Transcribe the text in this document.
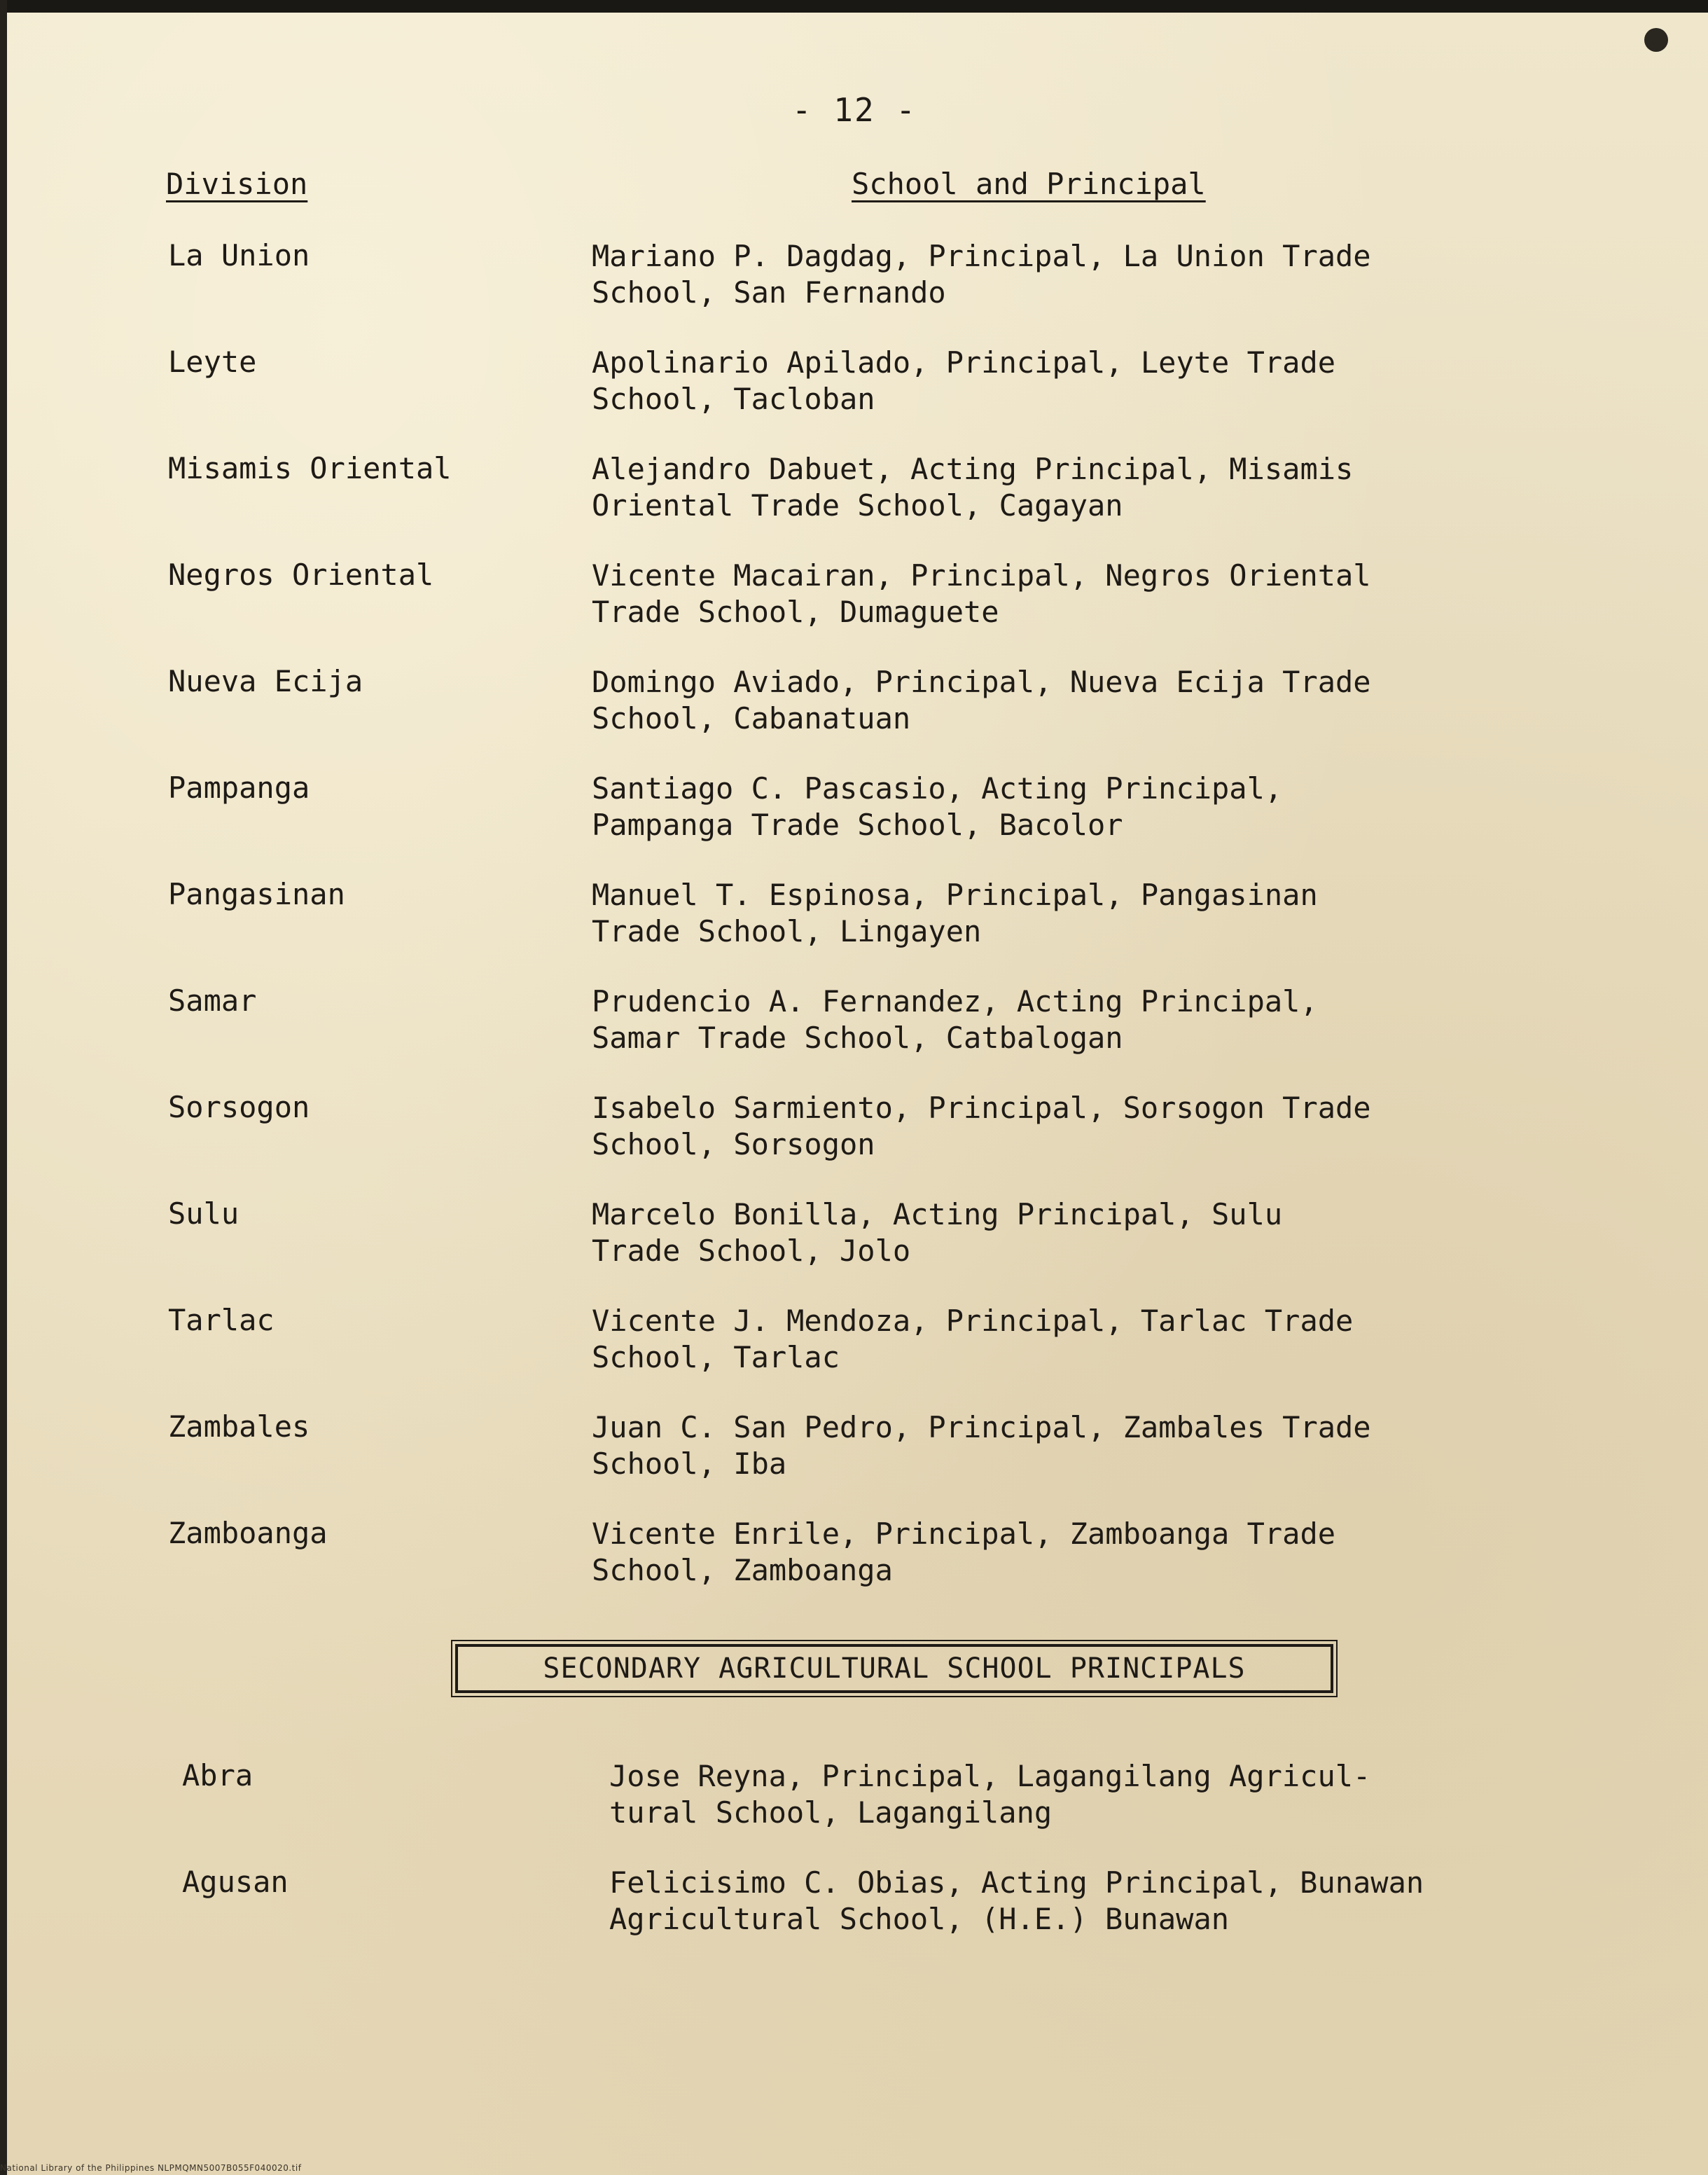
- 12 -
Division	School and Principal
La Union	Mariano P. Dagdag, Principal, La Union Trade
School, San Fernando
Leyte	Apolinario Apilado, Principal, Leyte Trade
School, Tacloban
Misamis Oriental	Alejandro Dabuet, Acting Principal, Misamis
Oriental Trade School, Cagayan
Negros Oriental	Vicente Macairan, Principal, Negros Oriental
Trade School, Dumaguete
Nueva Ecija	Domingo Aviado, Principal, Nueva Ecija Trade
School, Cabanatuan
Pampanga	Santiago C. Pascasio, Acting Principal,
Pampanga Trade School, Bacolor
Pangasinan	Manuel T. Espinosa, Principal, Pangasinan
Trade School, Lingayen
Samar	Prudencio A. Fernandez, Acting Principal,
Samar Trade School, Catbalogan
Sorsogon	Isabelo Sarmiento, Principal, Sorsogon Trade
School, Sorsogon
Sulu	Marcelo Bonilla, Acting Principal, Sulu
Trade School, Jolo
Tarlac	Vicente J. Mendoza, Principal, Tarlac Trade
School, Tarlac
Zambales	Juan C. San Pedro, Principal, Zambales Trade
School, Iba
Zamboanga	Vicente Enrile, Principal, Zamboanga Trade
School, Zamboanga
SECONDARY AGRICULTURAL SCHOOL PRINCIPALS
Abra	Jose Reyna, Principal, Lagangilang Agricul-
tural School, Lagangilang
Agusan	Felicisimo C. Obias, Acting Principal, Bunawan
Agricultural School, (H.E.) Bunawan
National Library of the Philippines NLPMQMN5007B055F040020.tif
